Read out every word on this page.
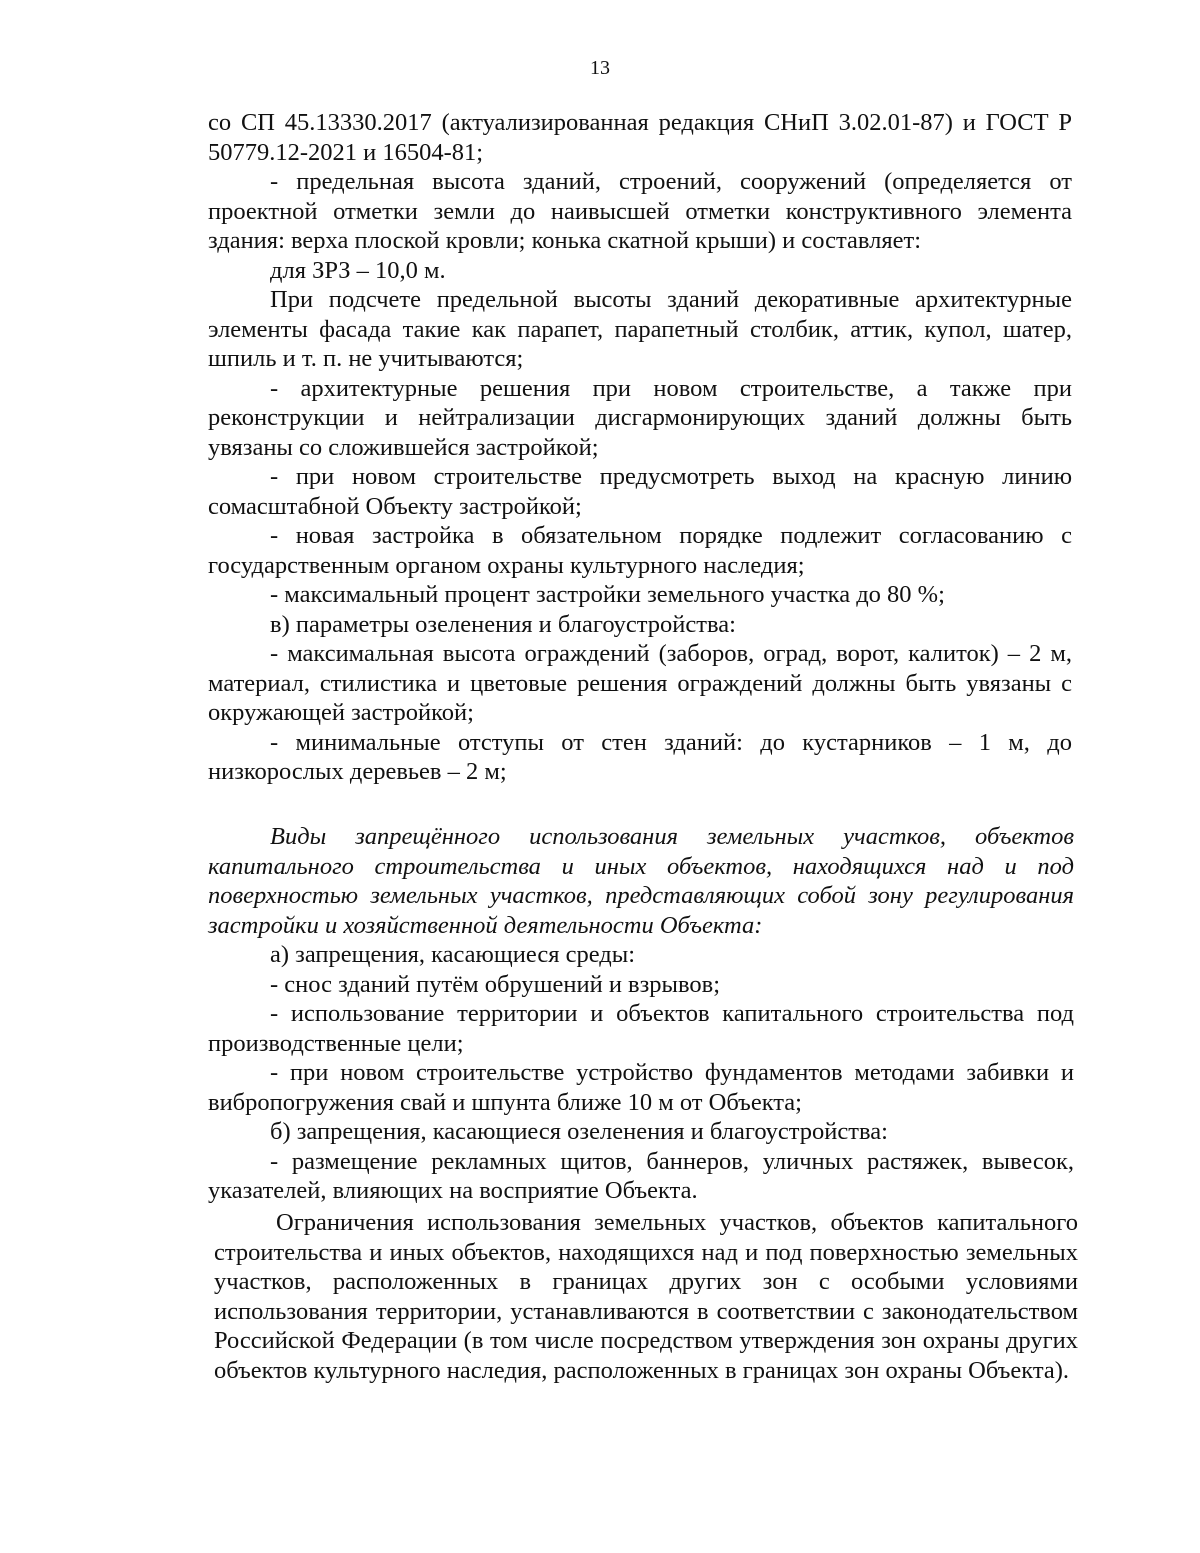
13

со СП 45.13330.2017 (актуализированная редакция СНиП 3.02.01-87) и ГОСТ Р 50779.12-2021 и 16504-81;

- предельная высота зданий, строений, сооружений (определяется от проектной отметки земли до наивысшей отметки конструктивного элемента здания: верха плоской кровли; конька скатной крыши) и составляет:

для ЗРЗ – 10,0 м.

При подсчете предельной высоты зданий декоративные архитектурные элементы фасада такие как парапет, парапетный столбик, аттик, купол, шатер, шпиль и т. п. не учитываются;

- архитектурные решения при новом строительстве, а также при реконструкции и нейтрализации дисгармонирующих зданий должны быть увязаны со сложившейся застройкой;

- при новом строительстве предусмотреть выход на красную линию сомасштабной Объекту застройкой;

- новая застройка в обязательном порядке подлежит согласованию с государственным органом охраны культурного наследия;

- максимальный процент застройки земельного участка до 80 %;

в) параметры озеленения и благоустройства:

- максимальная высота ограждений (заборов, оград, ворот, калиток) – 2 м, материал, стилистика и цветовые решения ограждений должны быть увязаны с окружающей застройкой;

- минимальные отступы от стен зданий: до кустарников – 1 м, до низкорослых деревьев – 2 м;

Виды запрещённого использования земельных участков, объектов капитального строительства и иных объектов, находящихся над и под поверхностью земельных участков, представляющих собой зону регулирования застройки и хозяйственной деятельности Объекта:

а) запрещения, касающиеся среды:

- снос зданий путём обрушений и взрывов;

- использование территории и объектов капитального строительства под производственные цели;

- при новом строительстве устройство фундаментов методами забивки и вибропогружения свай и шпунта ближе 10 м от Объекта;

б) запрещения, касающиеся озеленения и благоустройства:

- размещение рекламных щитов, баннеров, уличных растяжек, вывесок, указателей, влияющих на восприятие Объекта.

Ограничения использования земельных участков, объектов капитального строительства и иных объектов, находящихся над и под поверхностью земельных участков, расположенных в границах других зон с особыми условиями использования территории, устанавливаются в соответствии с законодательством Российской Федерации (в том числе посредством утверждения зон охраны других объектов культурного наследия, расположенных в границах зон охраны Объекта).
